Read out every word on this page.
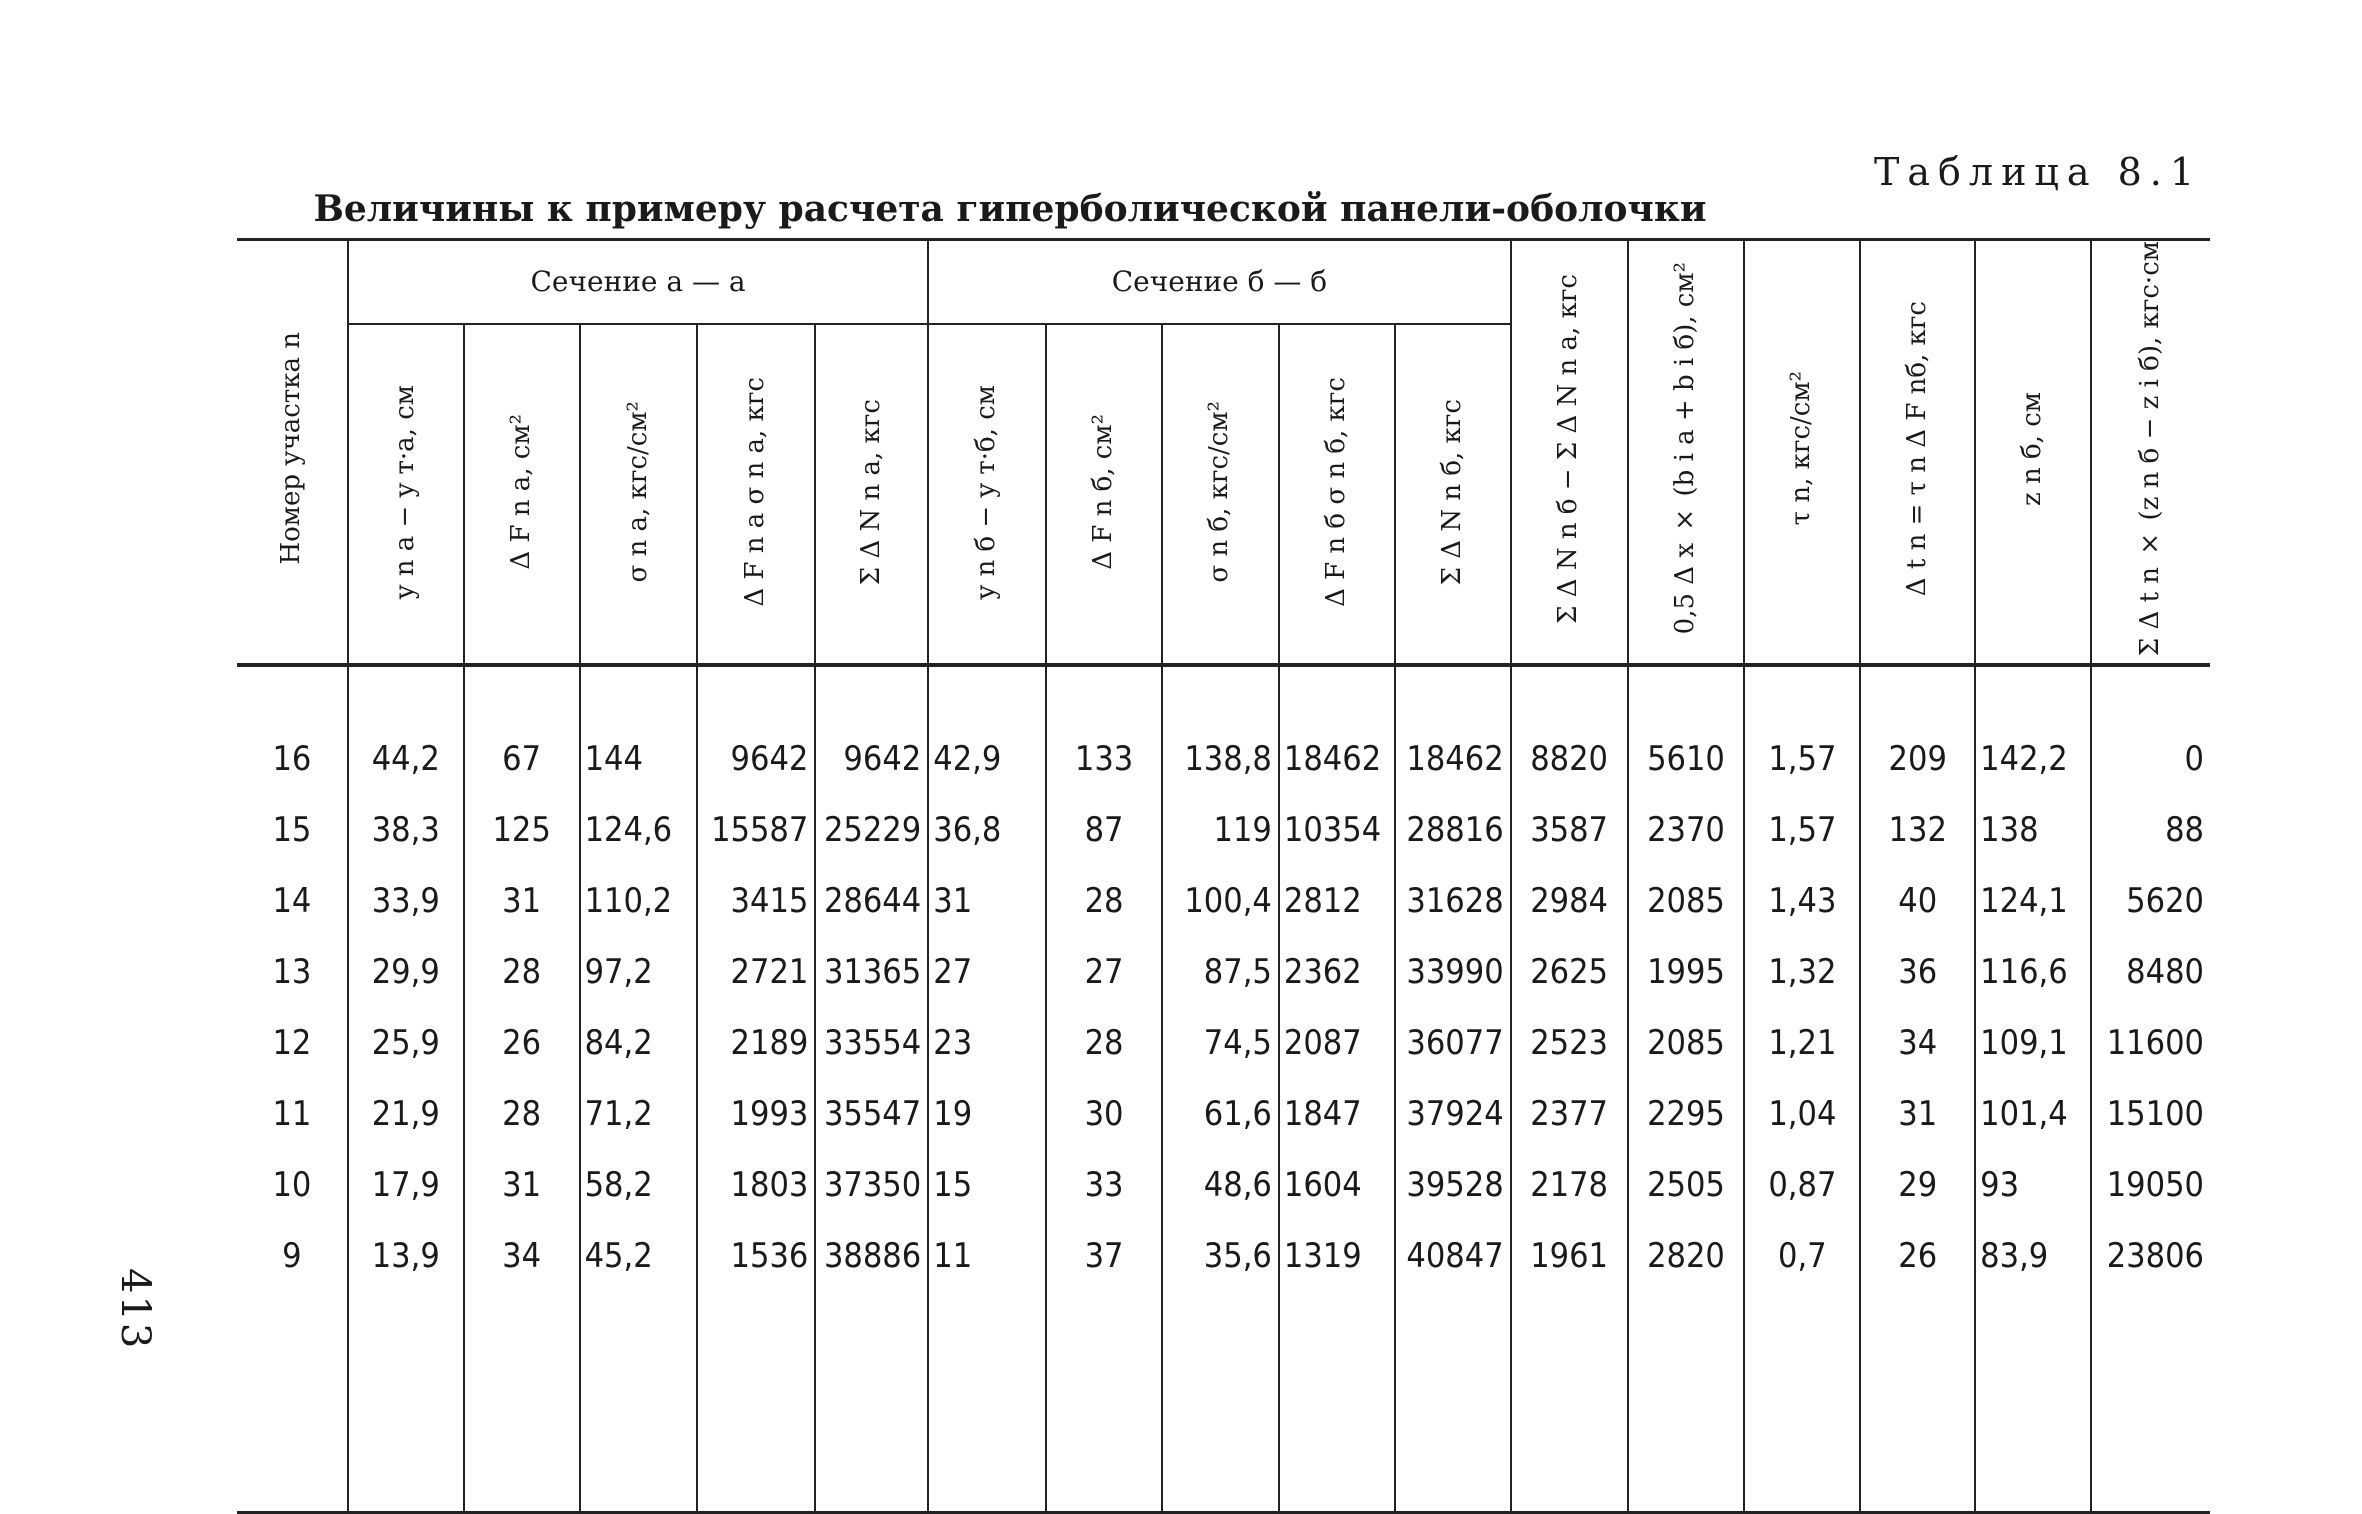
Таблица 8.1
Величины к примеру расчета гиперболической панели-оболочки
413
Номер участка n	Сечение a — a					Сечение б — б					Σ Δ N n б − Σ Δ N n a, кгс	0,5 Δ x × (b i a + b i б), см²	τ n, кгс/см²	Δ t n = τ n Δ F nб, кгс	z n б, см	Σ Δ t n × (z n б − z i б), кгс·см
	y n a − y т·a, см	Δ F n a, см²	σ n a, кгс/см²	Δ F n a σ n a, кгс	Σ Δ N n a, кгс	y n б − y т·б, см	Δ F n б, см²	σ n б, кгс/см²	Δ F n б σ n б, кгс	Σ Δ N n б, кгс						
16	44,2	67	144	9642	9642	42,9	133	138,8	18462	18462	8820	5610	1,57	209	142,2	0
15	38,3	125	124,6	15587	25229	36,8	87	119	10354	28816	3587	2370	1,57	132	138	88
14	33,9	31	110,2	3415	28644	31	28	100,4	2812	31628	2984	2085	1,43	40	124,1	5620
13	29,9	28	97,2	2721	31365	27	27	87,5	2362	33990	2625	1995	1,32	36	116,6	8480
12	25,9	26	84,2	2189	33554	23	28	74,5	2087	36077	2523	2085	1,21	34	109,1	11600
11	21,9	28	71,2	1993	35547	19	30	61,6	1847	37924	2377	2295	1,04	31	101,4	15100
10	17,9	31	58,2	1803	37350	15	33	48,6	1604	39528	2178	2505	0,87	29	93	19050
9	13,9	34	45,2	1536	38886	11	37	35,6	1319	40847	1961	2820	0,7	26	83,9	23806
